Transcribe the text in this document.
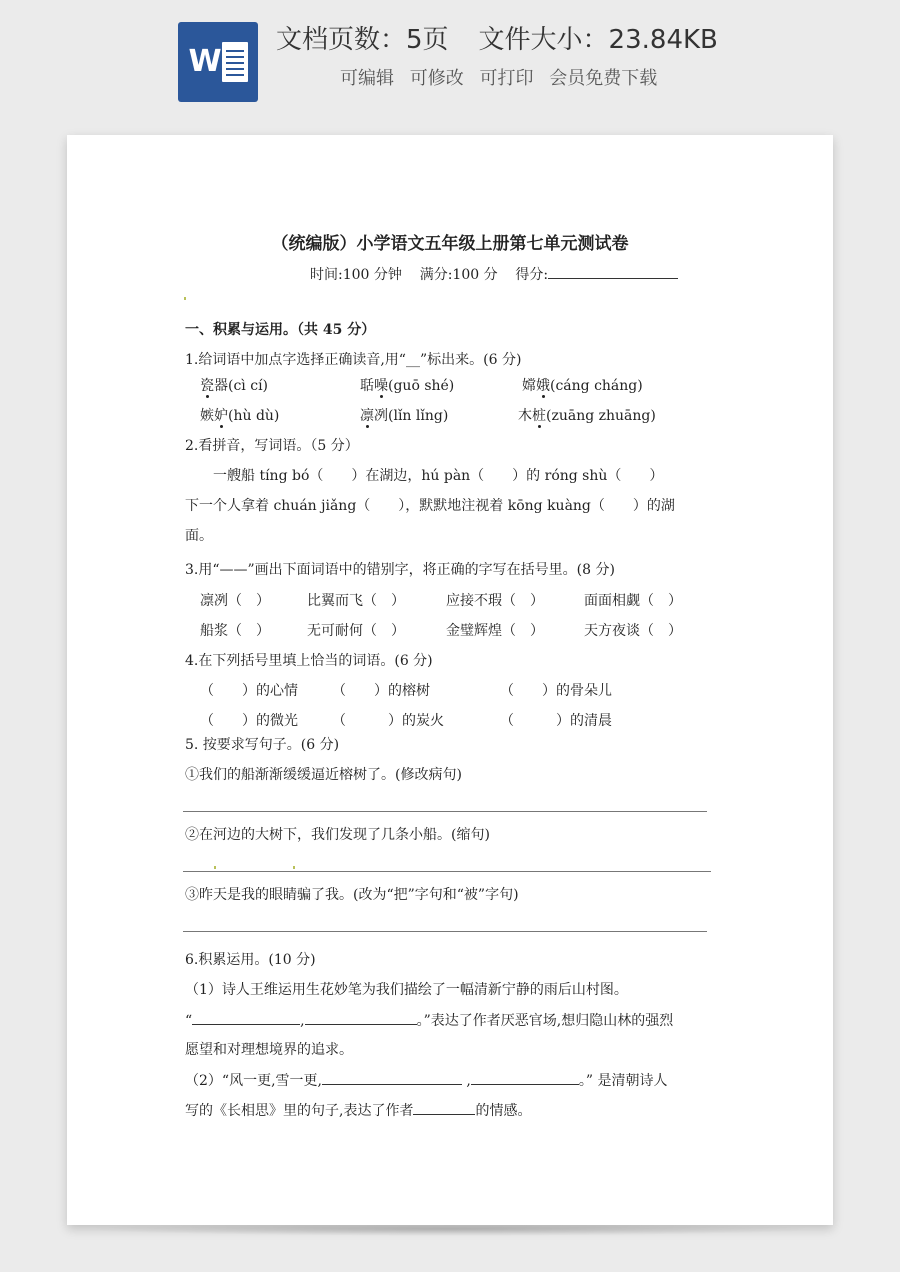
W
文档页数：5页 文件大小：23.84KB
可编辑 可修改 可打印 会员免费下载
（统编版）小学语文五年级上册第七单元测试卷
时间:100 分钟 满分:100 分 得分:
一、积累与运用。（共 45 分）
1.给词语中加点字选择正确读音,用“__”标出来。(6 分)
瓷器(cì cí)	聒噪(guō shé)	嫦娥(cáng cháng)
嫉妒(hù dù)	凛冽(lǐn lǐng)	木桩(zuāng zhuāng)
2.看拼音，写词语。（5 分）
一艘船 tíng bó（　　）在湖边，hú pàn（　　）的 róng shù（　　）
下一个人拿着 chuán jiǎng（　　），默默地注视着 kōng kuàng（　　）的湖
面。
3.用“——”画出下面词语中的错别字，将正确的字写在括号里。(8 分)
凛冽（　）	比翼而飞（　）	应接不瑕（　）	面面相觑（　）
船浆（　）	无可耐何（　）	金璧辉煌（　）	天方夜谈（　）
4.在下列括号里填上恰当的词语。(6 分)
（　　）的心情 （　　）的榕树	（　　）的骨朵儿
（　　）的微光 （　　　）的炭火	（　　　）的清晨
5. 按要求写句子。(6 分)
①我们的船渐渐缓缓逼近榕树了。(修改病句)
②在河边的大树下，我们发现了几条小船。(缩句)
③昨天是我的眼睛骗了我。(改为“把”字句和“被”字句)
6.积累运用。(10 分)
（1）诗人王维运用生花妙笔为我们描绘了一幅清新宁静的雨后山村图。
“	,	。”表达了作者厌恶官场,想归隐山林的强烈
愿望和对理想境界的追求。
（2）“风一更,雪一更,	,	。” 是清朝诗人
写的《长相思》里的句子,表达了作者	的情感。
